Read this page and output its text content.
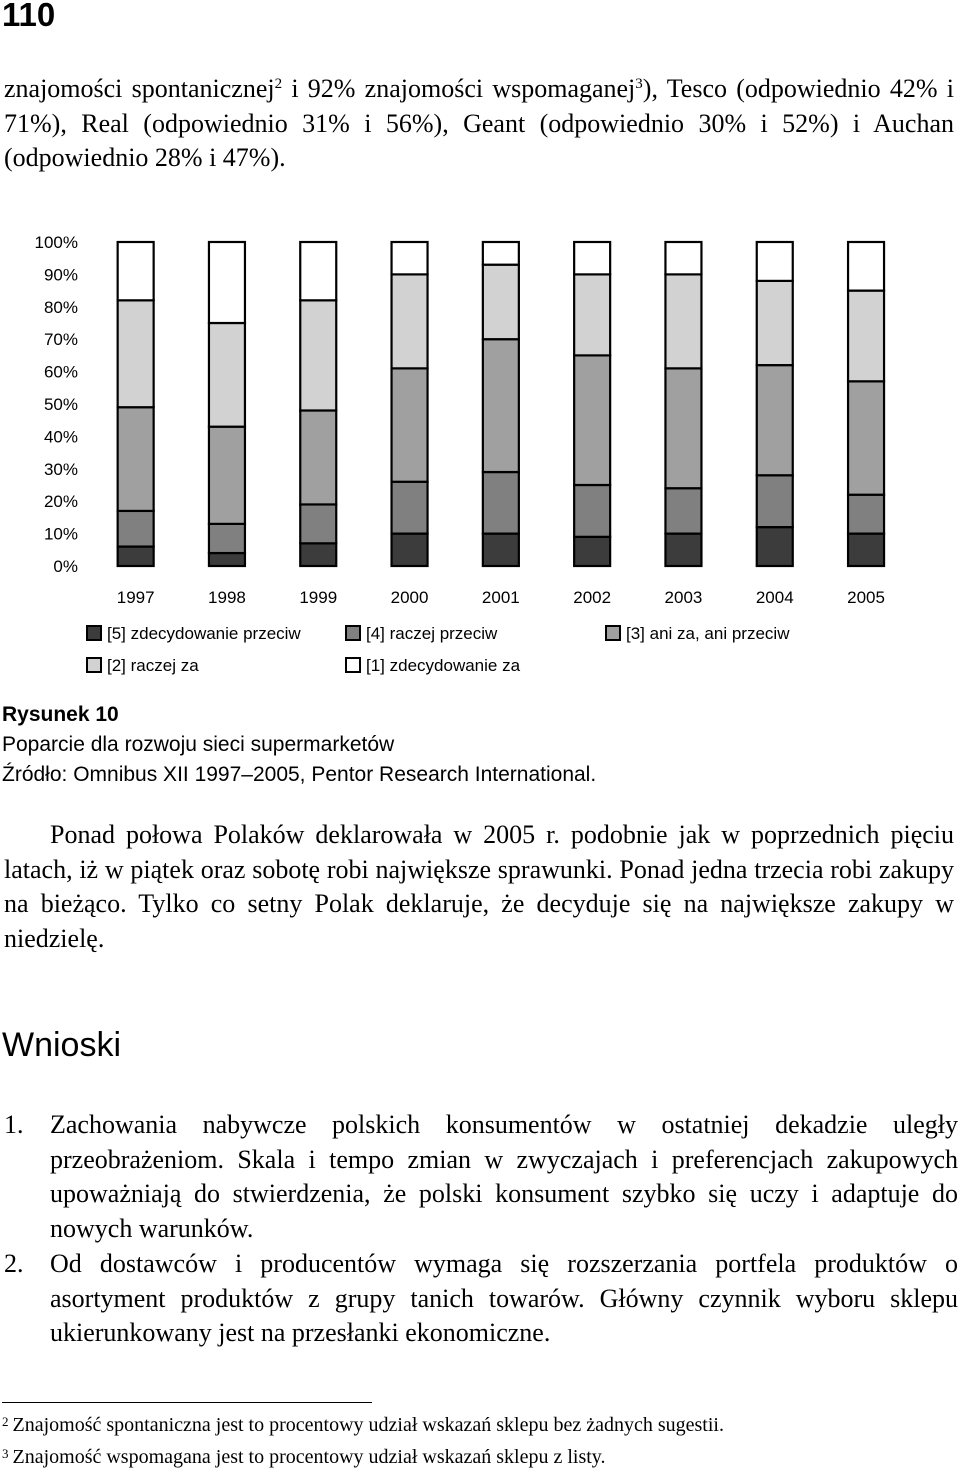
110
znajomości spontanicznej$^2$ i 92% znajomości wspomaganej$^3$), Tesco (odpowiednio 42% i 71%), Real (odpowiednio 31% i 56%), Geant (odpowiednio 30% i 52%) i Auchan (odpowiednio 28% i 47%).
0%
10%
20%
30%
40%
50%
60%
70%
80%
90%
100%
1997	1998	1999	2000	2001	2002	2003	2004	2005
[5] zdecydowanie przeciw	[4] raczej przeciw	[3] ani za, ani przeciw
[2] raczej za	[1] zdecydowanie za
Rysunek 10
Poparcie dla rozwoju sieci supermarketów
Źródło: Omnibus XII 1997–2005, Pentor Research International.
Ponad połowa Polaków deklarowała w 2005 r. podobnie jak w poprzednich pięciu latach, iż w piątek oraz sobotę robi największe sprawunki. Ponad jedna trzecia robi zakupy na bieżąco. Tylko co setny Polak deklaruje, że decyduje się na największe zakupy w niedzielę.
Wnioski
1. Zachowania nabywcze polskich konsumentów w ostatniej dekadzie uległy przeobrażeniom. Skala i tempo zmian w zwyczajach i preferencjach zakupowych upoważniają do stwierdzenia, że polski konsument szybko się uczy i adaptuje do nowych warunków.
2. Od dostawców i producentów wymaga się rozszerzania portfela produktów o asortyment produktów z grupy tanich towarów. Główny czynnik wyboru sklepu ukierunkowany jest na przesłanki ekonomiczne.
$^2$ Znajomość spontaniczna jest to procentowy udział wskazań sklepu bez żadnych sugestii.
$^3$ Znajomość wspomagana jest to procentowy udział wskazań sklepu z listy.
